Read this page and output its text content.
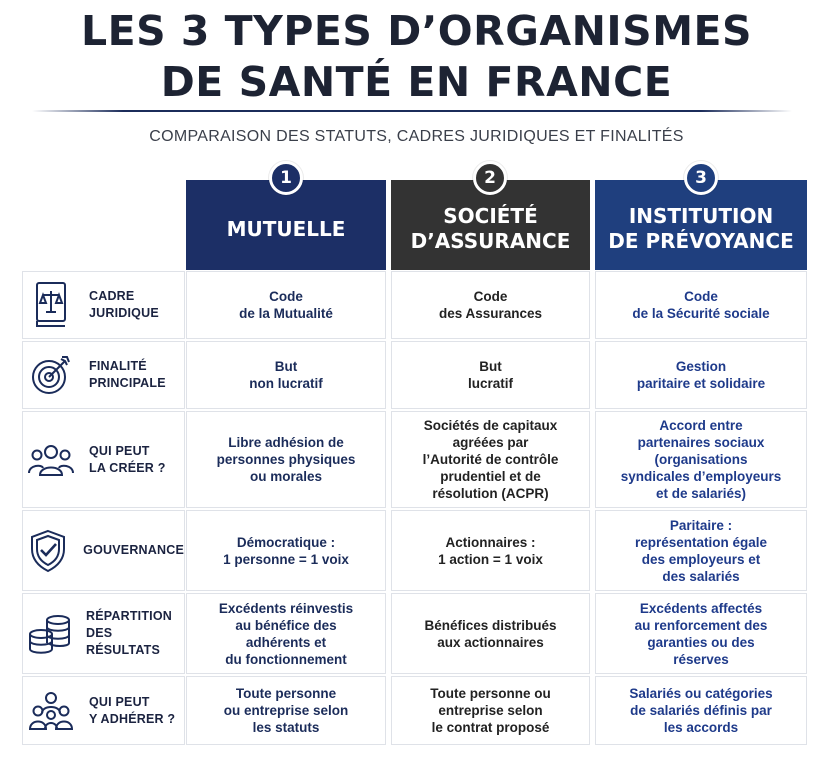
LES 3 TYPES D’ORGANISMES
DE SANTÉ EN FRANCE
COMPARAISON DES STATUTS, CADRES JURIDIQUES ET FINALITÉS
MUTUELLE
SOCIÉTÉ
D’ASSURANCE
INSTITUTION
DE PRÉVOYANCE
1	2	3
CADRE
JURIDIQUE
Code
de la Mutualité
Code
des Assurances
Code
de la Sécurité sociale
FINALITÉ
PRINCIPALE
But
non lucratif
But
lucratif
Gestion
paritaire et solidaire
QUI PEUT
LA CRÉER ?
Libre adhésion de
personnes physiques
ou morales
Sociétés de capitaux
agréées par
l’Autorité de contrôle
prudentiel et de
résolution (ACPR)
Accord entre
partenaires sociaux
(organisations
syndicales d’employeurs
et de salariés)
GOUVERNANCE
Démocratique :
1 personne = 1 voix
Actionnaires :
1 action = 1 voix
Paritaire :
représentation égale
des employeurs et
des salariés
RÉPARTITION
DES RÉSULTATS
Excédents réinvestis
au bénéfice des
adhérents et
du fonctionnement
Bénéfices distribués
aux actionnaires
Excédents affectés
au renforcement des
garanties ou des
réserves
QUI PEUT
Y ADHÉRER ?
Toute personne
ou entreprise selon
les statuts
Toute personne ou
entreprise selon
le contrat proposé
Salariés ou catégories
de salariés définis par
les accords
